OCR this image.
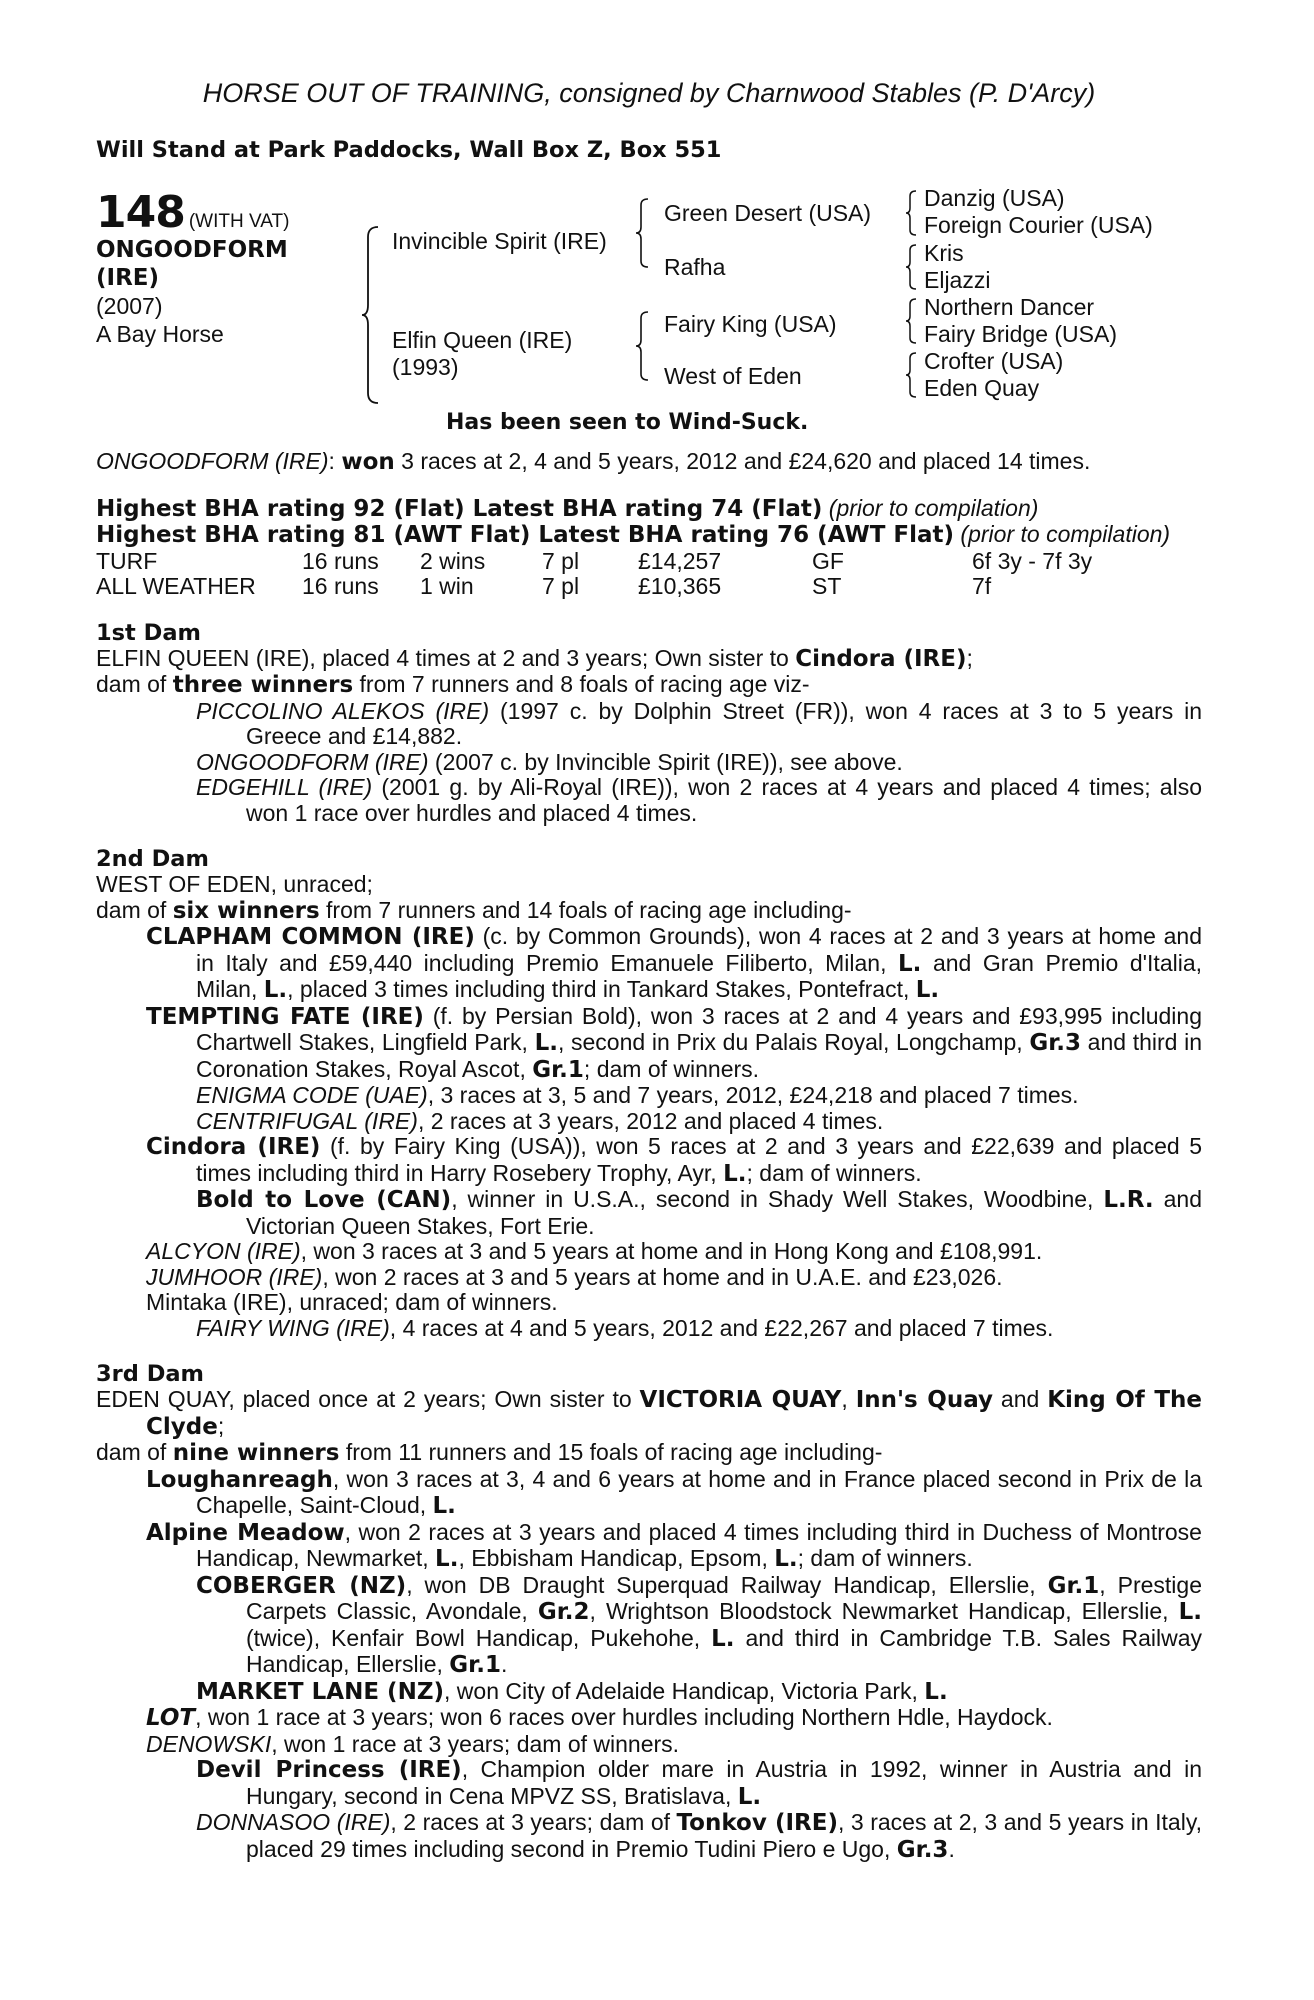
HORSE OUT OF TRAINING, consigned by Charnwood Stables (P. D'Arcy)
Will Stand at Park Paddocks, Wall Box Z, Box 551
148 (WITH VAT)
ONGOODFORM
(IRE)
(2007)
A Bay Horse
Invincible Spirit (IRE)
Elfin Queen (IRE)
(1993)
Green Desert (USA)
Rafha
Fairy King (USA)
West of Eden
Danzig (USA)
Foreign Courier (USA)
Kris
Eljazzi
Northern Dancer
Fairy Bridge (USA)
Crofter (USA)
Eden Quay
Has been seen to Wind-Suck.

ONGOODFORM (IRE): won 3 races at 2, 4 and 5 years, 2012 and £24,620 and placed 14 times.

Highest BHA rating 92 (Flat) Latest BHA rating 74 (Flat) (prior to compilation)

Highest BHA rating 81 (AWT Flat) Latest BHA rating 76 (AWT Flat) (prior to compilation)

TURF	16 runs 2 wins 7 pl	£14,257	GF	6f 3y - 7f 3y
ALL WEATHER 16 runs 1 win	7 pl	£10,365	ST	7f

1st Dam

ELFIN QUEEN (IRE), placed 4 times at 2 and 3 years; Own sister to Cindora (IRE);

dam of three winners from 7 runners and 8 foals of racing age viz-

PICCOLINO ALEKOS (IRE) (1997 c. by Dolphin Street (FR)), won 4 races at 3 to 5 years in Greece and £14,882.

ONGOODFORM (IRE) (2007 c. by Invincible Spirit (IRE)), see above.

EDGEHILL (IRE) (2001 g. by Ali-Royal (IRE)), won 2 races at 4 years and placed 4 times; also won 1 race over hurdles and placed 4 times.

2nd Dam

WEST OF EDEN, unraced;

dam of six winners from 7 runners and 14 foals of racing age including-

CLAPHAM COMMON (IRE) (c. by Common Grounds), won 4 races at 2 and 3 years at home and in Italy and £59,440 including Premio Emanuele Filiberto, Milan, L. and Gran Premio d'Italia, Milan, L., placed 3 times including third in Tankard Stakes, Pontefract, L.

TEMPTING FATE (IRE) (f. by Persian Bold), won 3 races at 2 and 4 years and £93,995 including Chartwell Stakes, Lingfield Park, L., second in Prix du Palais Royal, Longchamp, Gr.3 and third in Coronation Stakes, Royal Ascot, Gr.1; dam of winners.

ENIGMA CODE (UAE), 3 races at 3, 5 and 7 years, 2012, £24,218 and placed 7 times.

CENTRIFUGAL (IRE), 2 races at 3 years, 2012 and placed 4 times.

Cindora (IRE) (f. by Fairy King (USA)), won 5 races at 2 and 3 years and £22,639 and placed 5 times including third in Harry Rosebery Trophy, Ayr, L.; dam of winners.

Bold to Love (CAN), winner in U.S.A., second in Shady Well Stakes, Woodbine, L.R. and Victorian Queen Stakes, Fort Erie.

ALCYON (IRE), won 3 races at 3 and 5 years at home and in Hong Kong and £108,991.

JUMHOOR (IRE), won 2 races at 3 and 5 years at home and in U.A.E. and £23,026.

Mintaka (IRE), unraced; dam of winners.

FAIRY WING (IRE), 4 races at 4 and 5 years, 2012 and £22,267 and placed 7 times.

3rd Dam

EDEN QUAY, placed once at 2 years; Own sister to VICTORIA QUAY, Inn's Quay and King Of The Clyde;

dam of nine winners from 11 runners and 15 foals of racing age including-

Loughanreagh, won 3 races at 3, 4 and 6 years at home and in France placed second in Prix de la Chapelle, Saint-Cloud, L.

Alpine Meadow, won 2 races at 3 years and placed 4 times including third in Duchess of Montrose Handicap, Newmarket, L., Ebbisham Handicap, Epsom, L.; dam of winners.

COBERGER (NZ), won DB Draught Superquad Railway Handicap, Ellerslie, Gr.1, Prestige Carpets Classic, Avondale, Gr.2, Wrightson Bloodstock Newmarket Handicap, Ellerslie, L. (twice), Kenfair Bowl Handicap, Pukehohe, L. and third in Cambridge T.B. Sales Railway Handicap, Ellerslie, Gr.1.

MARKET LANE (NZ), won City of Adelaide Handicap, Victoria Park, L.

LOT, won 1 race at 3 years; won 6 races over hurdles including Northern Hdle, Haydock.

DENOWSKI, won 1 race at 3 years; dam of winners.

Devil Princess (IRE), Champion older mare in Austria in 1992, winner in Austria and in Hungary, second in Cena MPVZ SS, Bratislava, L.

DONNASOO (IRE), 2 races at 3 years; dam of Tonkov (IRE), 3 races at 2, 3 and 5 years in Italy, placed 29 times including second in Premio Tudini Piero e Ugo, Gr.3.
